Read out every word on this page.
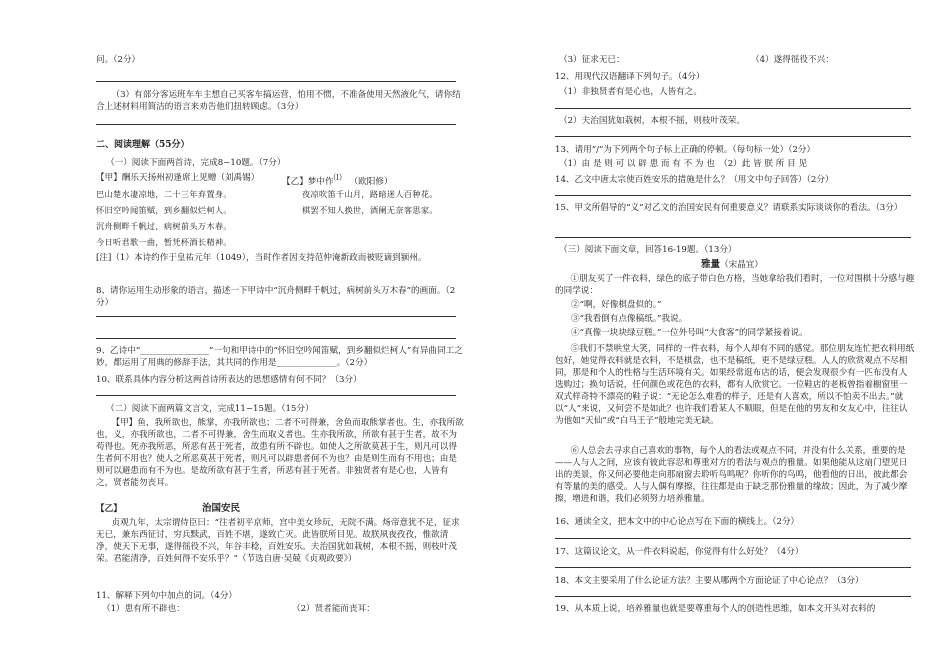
问。（2分）
（3）有部分客运班车车主想自己买客车搞运营，怕用不惯，不准备使用天然液化气，请你结合上述材料用简洁的语言来劝告他们扭转顾虑。（3分）
二、阅读理解（55分）
（一）阅读下面两首诗，完成8~10题。（7分）
【甲】酬乐天扬州初逢席上见赠（刘禹锡）	【乙】梦中作⑴ （欧阳修）
巴山楚水凄凉地，二十三年弃置身。
怀旧空吟闻笛赋，到乡翻似烂柯人。
沉舟侧畔千帆过，病树前头万木春。
今日听君歌一曲，暂凭杯酒长精神。
夜凉吹笛千山月，路暗迷人百种花。
棋罢不知人换世，酒阑无奈客思家。
[注]（1）本诗约作于皇祐元年（1049），当时作者因支持范仲淹新政而被贬谪到颍州。
8、请你运用生动形象的语言，描述一下甲诗中“沉舟侧畔千帆过，病树前头万木春”的画面。（2分）
9、乙诗中“________________”一句和甲诗中的“怀旧空吟闻笛赋，到乡翻似烂柯人”有异曲同工之妙，都运用了用典的修辞手法，其共同的作用是______________。（2分）
10、联系具体内容分析这两首诗所表达的思想感情有何不同？（3分）
（二）阅读下面两篇文言文，完成11~15题。（15分）
【甲】鱼，我所欲也，熊掌，亦我所欲也；二者不可得兼，舍鱼而取熊掌者也。生，亦我所欲也，义，亦我所欲也，二者不可得兼，舍生而取义者也。生亦我所欲，所欲有甚于生者，故不为苟得也。死亦我所恶，所恶有甚于死者，故患有所不辟也。如使人之所欲莫甚于生，则凡可以得生者何不用也？使人之所恶莫甚于死者，则凡可以辟患者何不为也？由是则生而有不用也；由是则可以避患而有不为也。是故所欲有甚于生者，所恶有甚于死者。非独贤者有是心也，人皆有之，贤者能勿丧耳。
【乙】	治国安民
贞观九年，太宗谓侍臣曰：“往者初平京师，宫中美女珍玩，无院不满。炀帝意犹不足，征求无已，兼东西征讨，穷兵黩武，百姓不堪，遂致亡灭。此皆朕所目见。故朕夙夜孜孜，惟欲清净，使天下无事，遂得徭役不兴，年谷丰稔，百姓安乐。夫治国犹如栽树，本根不摇，则枝叶茂荣。君能清净，百姓何得不安乐乎？”（节选自唐·吴兢《贞观政要》）
11、解释下列句中加点的词。（4分）
（1）患有所不辟也：	（2）贤者能而丧耳：
（3）征求无已：	（4）遂得徭役不兴：
12、用现代汉语翻译下列句子。（4分）
（1）非独贤者有是心也，人皆有之。
（2）夫治国犹如栽树，本根不摇，则枝叶茂荣。
13、请用“/”为下列两个句子标上正确的停顿。（每句标一处）（2分）
（1）由 是 则 可 以 辟 患 而 有 不 为 也　（2）此 皆 朕 所 目 见
14、乙文中唐太宗使百姓安乐的措施是什么？（用文中句子回答）（2分）
15、甲文所倡导的“义”对乙文的治国安民有何重要意义？请联系实际谈谈你的看法。（3分）
（三）阅读下面文章，回答16-19题。（13分）
雅量（宋晶宜）
①朋友买了一件衣料，绿色的底子带白色方格，当她拿给我们看时，一位对围棋十分感与趣的同学说：
②“啊，好像棋盘似的。”
③“我看倒有点像稿纸。”我说。
④“真像一块块绿豆糕。”一位外号叫“大食客”的同学紧接着说。
⑤我们不禁哄堂大笑，同样的一件衣料，每个人却有不同的感觉。那位朋友连忙把衣料用纸包好，她觉得衣料就是衣料，不是棋盘，也不是稿纸，更不是绿豆糕。人人的欣赏观点不尽相同，那是和个人的性格与生活环境有关。如果经常逛布店的话，便会发现很少有一匹布没有人选购过；换句话说，任何颜色或花色的衣料，都有人欣赏它。一位鞋店的老板曾指着橱窗里一双式样奇特不漂亮的鞋子说：“无论怎么难看的样子，还是有人喜欢，所以不怕卖不出去。”就以“人”来说，又何尝不是如此？也许我们看某人不顺眼，但是在他的男友和女友心中，往往认为他如“天仙”或“白马王子”般地完美无缺。
⑥人总会去寻求自己喜欢的事物，每个人的看法或观点不同，并没有什么关系，重要的是——人与人之间，应该有彼此容忍和尊重对方的看法与观点的雅量。如果他能从这扇门望见日出的美景，你又何必要他走向那扇窗去聆听鸟鸣呢？你听你的鸟鸣，他看他的日出，彼此都会有等量的美的感受。人与人偶有摩擦，往往都是由于缺乏那份雅量的缘故；因此，为了减少摩擦，增进和谐，我们必须努力培养雅量。
16、通读全文，把本文中的中心论点写在下面的横线上。（2分）
17、这篇议论文，从一件衣料说起，你觉得有什么好处？（4分）
18、本文主要采用了什么论证方法？主要从哪两个方面论证了中心论点？（3分）
19、从本质上说，培养雅量也就是要尊重每个人的创造性思维，如本文开头对衣料的
